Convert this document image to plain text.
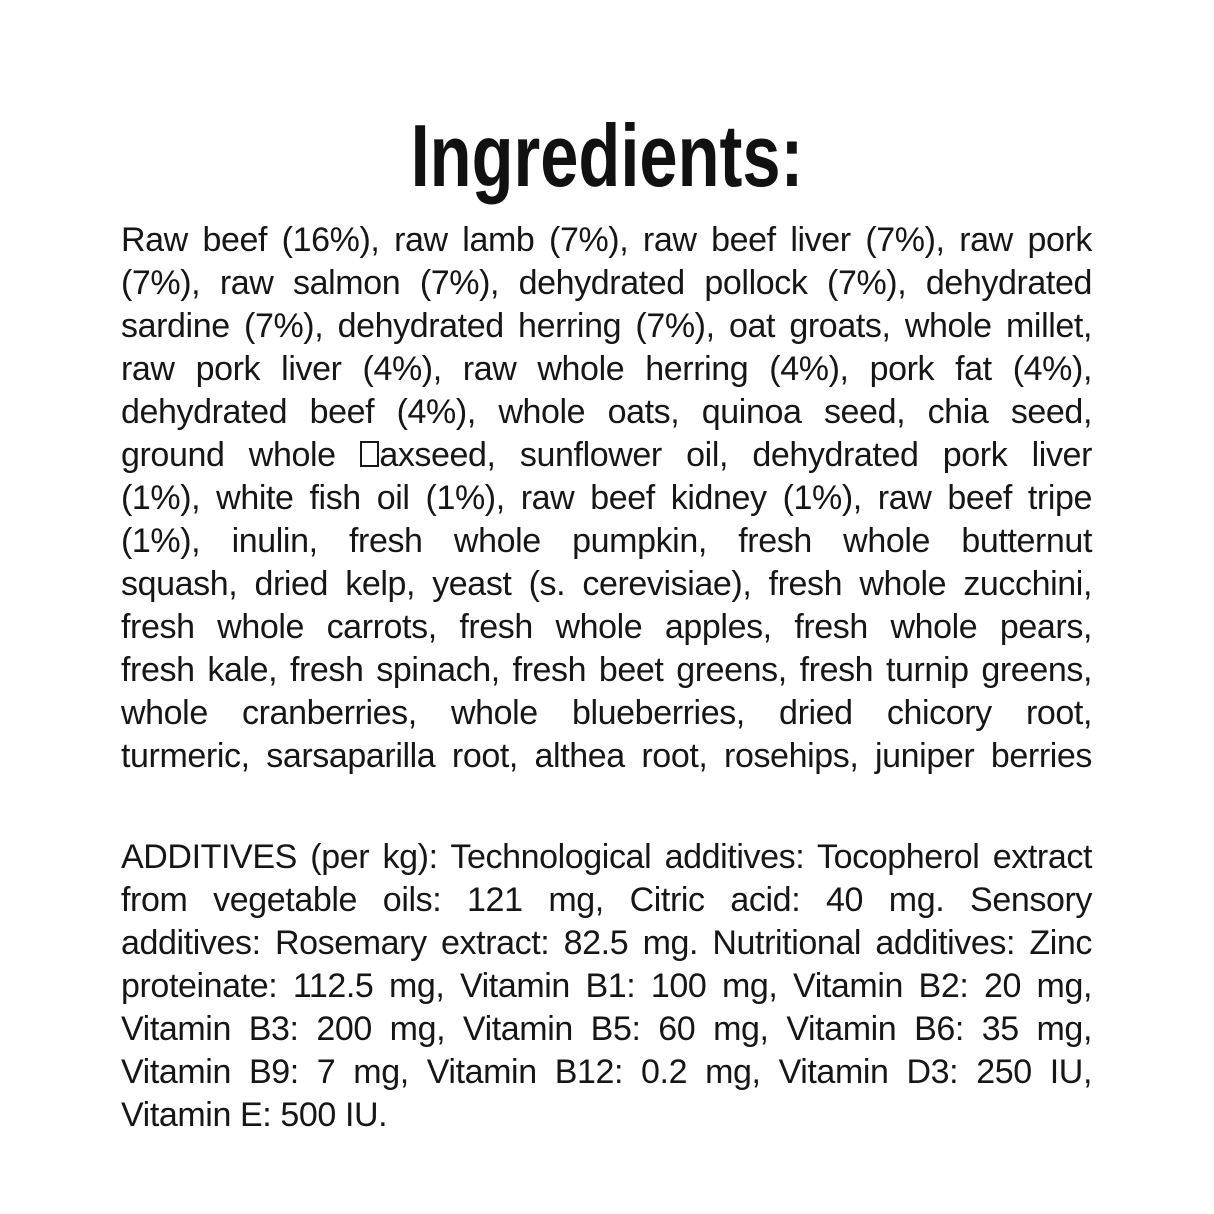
Ingredients:
Raw beef (16%), raw lamb (7%), raw beef liver (7%), raw pork
(7%), raw salmon (7%), dehydrated pollock (7%), dehydrated
sardine (7%), dehydrated herring (7%), oat groats, whole millet,
raw pork liver (4%), raw whole herring (4%), pork fat (4%),
dehydrated beef (4%), whole oats, quinoa seed, chia seed,
ground whole axseed, sunflower oil, dehydrated pork liver
(1%), white fish oil (1%), raw beef kidney (1%), raw beef tripe
(1%), inulin, fresh whole pumpkin, fresh whole butternut
squash, dried kelp, yeast (s. cerevisiae), fresh whole zucchini,
fresh whole carrots, fresh whole apples, fresh whole pears,
fresh kale, fresh spinach, fresh beet greens, fresh turnip greens,
whole cranberries, whole blueberries, dried chicory root,
turmeric, sarsaparilla root, althea root, rosehips, juniper berries
ADDITIVES (per kg): Technological additives: Tocopherol extract
from vegetable oils: 121 mg, Citric acid: 40 mg. Sensory
additives: Rosemary extract: 82.5 mg. Nutritional additives: Zinc
proteinate: 112.5 mg, Vitamin B1: 100 mg, Vitamin B2: 20 mg,
Vitamin B3: 200 mg, Vitamin B5: 60 mg, Vitamin B6: 35 mg,
Vitamin B9: 7 mg, Vitamin B12: 0.2 mg, Vitamin D3: 250 IU,
Vitamin E: 500 IU.
